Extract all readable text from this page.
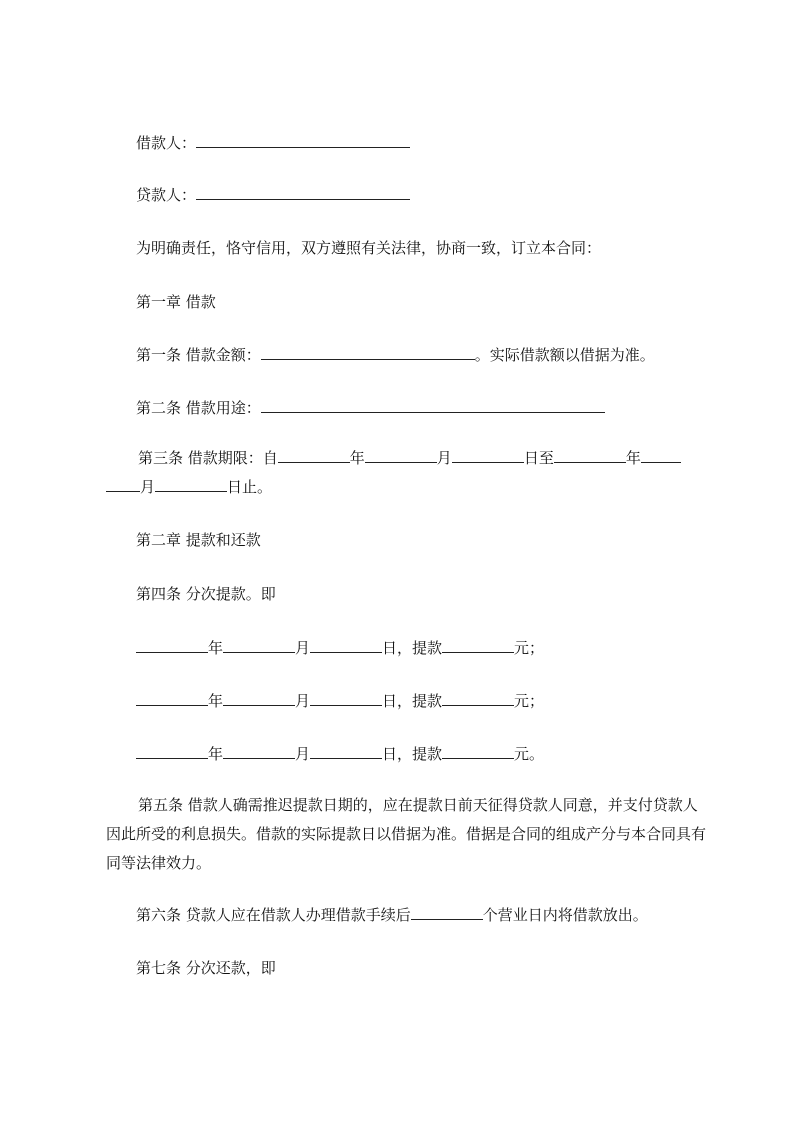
借款人：
贷款人：
为明确责任，恪守信用，双方遵照有关法律，协商一致，订立本合同：
第一章 借款
第一条 借款金额：	。实际借款额以借据为准。
第二条 借款用途：
第三条 借款期限：自	年	月	日至	年
月	日止。
第二章 提款和还款
第四条 分次提款。即
年	月	日，提款	元；
年	月	日，提款	元；
年	月	日，提款	元。
第五条 借款人确需推迟提款日期的，应在提款日前天征得贷款人同意，并支付贷款人因此所受的利息损失。借款的实际提款日以借据为准。借据是合同的组成产分与本合同具有同等法律效力。
第六条 贷款人应在借款人办理借款手续后	个营业日内将借款放出。
第七条 分次还款，即
